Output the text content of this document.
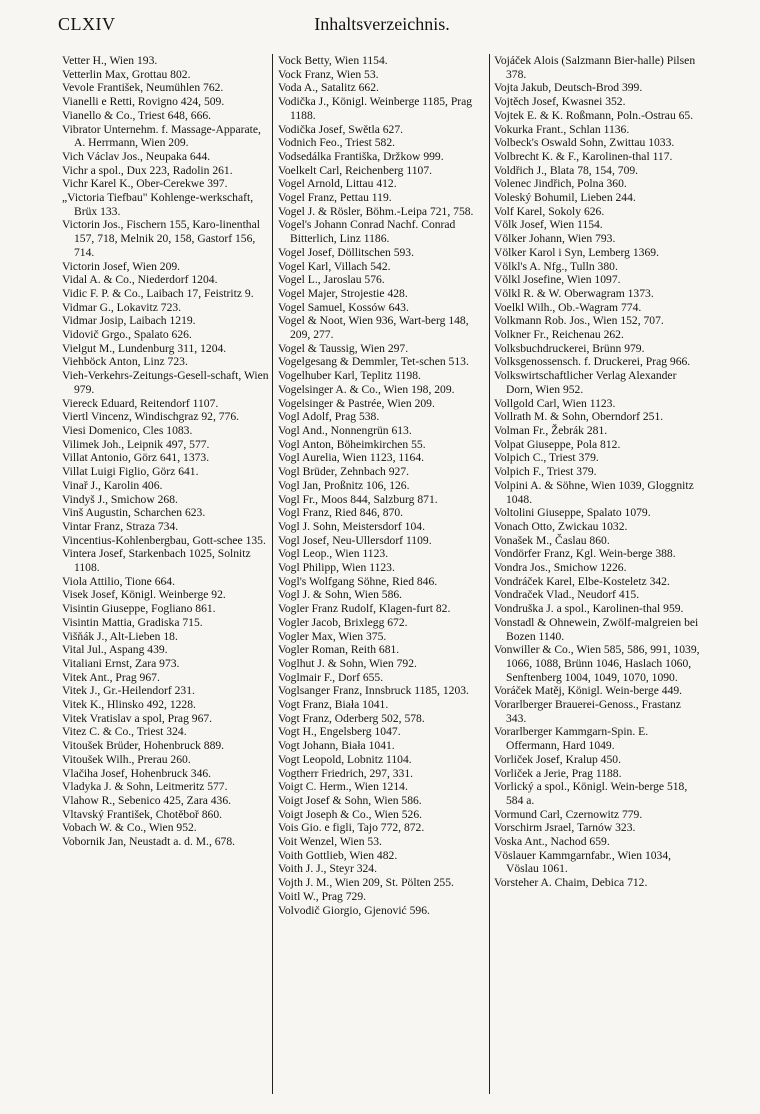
CLXIV	Inhaltsverzeichnis.

Vetter H., Wien 193.

Vetterlin Max, Grottau 802.

Vevole František, Neumühlen 762.

Vianelli e Retti, Rovigno 424, 509.

Vianello & Co., Triest 648, 666.

Vibrator Unternehm. f. Massage-Apparate, A. Herrmann, Wien 209.

Vich Václav Jos., Neupaka 644.

Vichr a spol., Dux 223, Radolin 261.

Vichr Karel K., Ober-Cerekwe 397.

„Victoria Tiefbau" Kohlenge-werkschaft, Brüx 133.

Victorin Jos., Fischern 155, Karo-linenthal 157, 718, Melnik 20, 158, Gastorf 156, 714.

Victorin Josef, Wien 209.

Vidal A. & Co., Niederdorf 1204.

Vidic F. P. & Co., Laibach 17, Feistritz 9.

Vidmar G., Lokavitz 723.

Vidmar Josip, Laibach 1219.

Vidovič Grgo., Spalato 626.

Vielgut M., Lundenburg 311, 1204.

Viehböck Anton, Linz 723.

Vieh-Verkehrs-Zeitungs-Gesell-schaft, Wien 979.

Viereck Eduard, Reitendorf 1107.

Viertl Vincenz, Windischgraz 92, 776.

Viesi Domenico, Cles 1083.

Vilimek Joh., Leipnik 497, 577.

Villat Antonio, Görz 641, 1373.

Villat Luigi Figlio, Görz 641.

Vinař J., Karolin 406.

Vindyš J., Smichow 268.

Vinš Augustin, Scharchen 623.

Vintar Franz, Straza 734.

Vincentius-Kohlenbergbau, Gott-schee 135.

Vintera Josef, Starkenbach 1025, Solnitz 1108.

Viola Attilio, Tione 664.

Visek Josef, Königl. Weinberge 92.

Visintin Giuseppe, Fogliano 861.

Visintin Mattia, Gradiska 715.

Višňák J., Alt-Lieben 18.

Vital Jul., Aspang 439.

Vitaliani Ernst, Zara 973.

Vitek Ant., Prag 967.

Vitek J., Gr.-Heilendorf 231.

Vitek K., Hlinsko 492, 1228.

Vitek Vratislav a spol, Prag 967.

Vitez C. & Co., Triest 324.

Vitoušek Brüder, Hohenbruck 889.

Vitoušek Wilh., Prerau 260.

Vlačiha Josef, Hohenbruck 346.

Vladyka J. & Sohn, Leitmeritz 577.

Vlahow R., Sebenico 425, Zara 436.

Vltavský František, Chotěboř 860.

Vobach W. & Co., Wien 952.

Vobornik Jan, Neustadt a. d. M., 678.

Vock Betty, Wien 1154.

Vock Franz, Wien 53.

Voda A., Satalitz 662.

Vodička J., Königl. Weinberge 1185, Prag 1188.

Vodička Josef, Swětla 627.

Vodnich Feo., Triest 582.

Vodsedálka Františka, Držkow 999.

Voelkelt Carl, Reichenberg 1107.

Vogel Arnold, Littau 412.

Vogel Franz, Pettau 119.

Vogel J. & Rösler, Böhm.-Leipa 721, 758.

Vogel's Johann Conrad Nachf. Conrad Bitterlich, Linz 1186.

Vogel Josef, Döllitschen 593.

Vogel Karl, Villach 542.

Vogel L., Jaroslau 576.

Vogel Majer, Strojestie 428.

Vogel Samuel, Kossów 643.

Vogel & Noot, Wien 936, Wart-berg 148, 209, 277.

Vogel & Taussig, Wien 297.

Vogelgesang & Demmler, Tet-schen 513.

Vogelhuber Karl, Teplitz 1198.

Vogelsinger A. & Co., Wien 198, 209.

Vogelsinger & Pastrée, Wien 209.

Vogl Adolf, Prag 538.

Vogl And., Nonnengrün 613.

Vogl Anton, Böheimkirchen 55.

Vogl Aurelia, Wien 1123, 1164.

Vogl Brüder, Zehnbach 927.

Vogl Jan, Proßnitz 106, 126.

Vogl Fr., Moos 844, Salzburg 871.

Vogl Franz, Ried 846, 870.

Vogl J. Sohn, Meistersdorf 104.

Vogl Josef, Neu-Ullersdorf 1109.

Vogl Leop., Wien 1123.

Vogl Philipp, Wien 1123.

Vogl's Wolfgang Söhne, Ried 846.

Vogl J. & Sohn, Wien 586.

Vogler Franz Rudolf, Klagen-furt 82.

Vogler Jacob, Brixlegg 672.

Vogler Max, Wien 375.

Vogler Roman, Reith 681.

Voglhut J. & Sohn, Wien 792.

Voglmair F., Dorf 655.

Voglsanger Franz, Innsbruck 1185, 1203.

Vogt Franz, Biała 1041.

Vogt Franz, Oderberg 502, 578.

Vogt H., Engelsberg 1047.

Vogt Johann, Biała 1041.

Vogt Leopold, Lobnitz 1104.

Vogtherr Friedrich, 297, 331.

Voigt C. Herm., Wien 1214.

Voigt Josef & Sohn, Wien 586.

Voigt Joseph & Co., Wien 526.

Vois Gio. e figli, Tajo 772, 872.

Voit Wenzel, Wien 53.

Voith Gottlieb, Wien 482.

Voith J. J., Steyr 324.

Vojth J. M., Wien 209, St. Pölten 255.

Voitl W., Prag 729.

Volvodič Giorgio, Gjenović 596.

Vojáček Alois (Salzmann Bier-halle) Pilsen 378.

Vojta Jakub, Deutsch-Brod 399.

Vojtěch Josef, Kwasnei 352.

Vojtek E. & K. Roßmann, Poln.-Ostrau 65.

Vokurka Frant., Schlan 1136.

Volbeck's Oswald Sohn, Zwittau 1033.

Volbrecht K. & F., Karolinen-thal 117.

Voldřich J., Blata 78, 154, 709.

Volenec Jindřich, Polna 360.

Voleský Bohumil, Lieben 244.

Volf Karel, Sokoly 626.

Völk Josef, Wien 1154.

Völker Johann, Wien 793.

Völker Karol i Syn, Lemberg 1369.

Völkl's A. Nfg., Tulln 380.

Völkl Josefine, Wien 1097.

Völkl R. & W. Oberwagram 1373.

Voelkl Wilh., Ob.-Wagram 774.

Volkmann Rob. Jos., Wien 152, 707.

Volkner Fr., Reichenau 262.

Volksbuchdruckerei, Brünn 979.

Volksgenossensch. f. Druckerei, Prag 966.

Volkswirtschaftlicher Verlag Alexander Dorn, Wien 952.

Vollgold Carl, Wien 1123.

Vollrath M. & Sohn, Oberndorf 251.

Volman Fr., Žebrák 281.

Volpat Giuseppe, Pola 812.

Volpich C., Triest 379.

Volpich F., Triest 379.

Volpini A. & Söhne, Wien 1039, Gloggnitz 1048.

Voltolini Giuseppe, Spalato 1079.

Vonach Otto, Zwickau 1032.

Vonašek M., Časlau 860.

Vondörfer Franz, Kgl. Wein-berge 388.

Vondra Jos., Smichow 1226.

Vondráček Karel, Elbe-Kosteletz 342.

Vondraček Vlad., Neudorf 415.

Vondruška J. a spol., Karolinen-thal 959.

Vonstadl & Ohnewein, Zwölf-malgreien bei Bozen 1140.

Vonwiller & Co., Wien 585, 586, 991, 1039, 1066, 1088, Brünn 1046, Haslach 1060, Senftenberg 1004, 1049, 1070, 1090.

Voráček Matěj, Königl. Wein-berge 449.

Vorarlberger Brauerei-Genoss., Frastanz 343.

Vorarlberger Kammgarn-Spin. E. Offermann, Hard 1049.

Vorliček Josef, Kralup 450.

Vorliček a Jerie, Prag 1188.

Vorlický a spol., Königl. Wein-berge 518, 584 a.

Vormund Carl, Czernowitz 779.

Vorschirm Jsrael, Tarnów 323.

Voska Ant., Nachod 659.

Vöslauer Kammgarnfabr., Wien 1034, Vöslau 1061.

Vorsteher A. Chaim, Debica 712.
